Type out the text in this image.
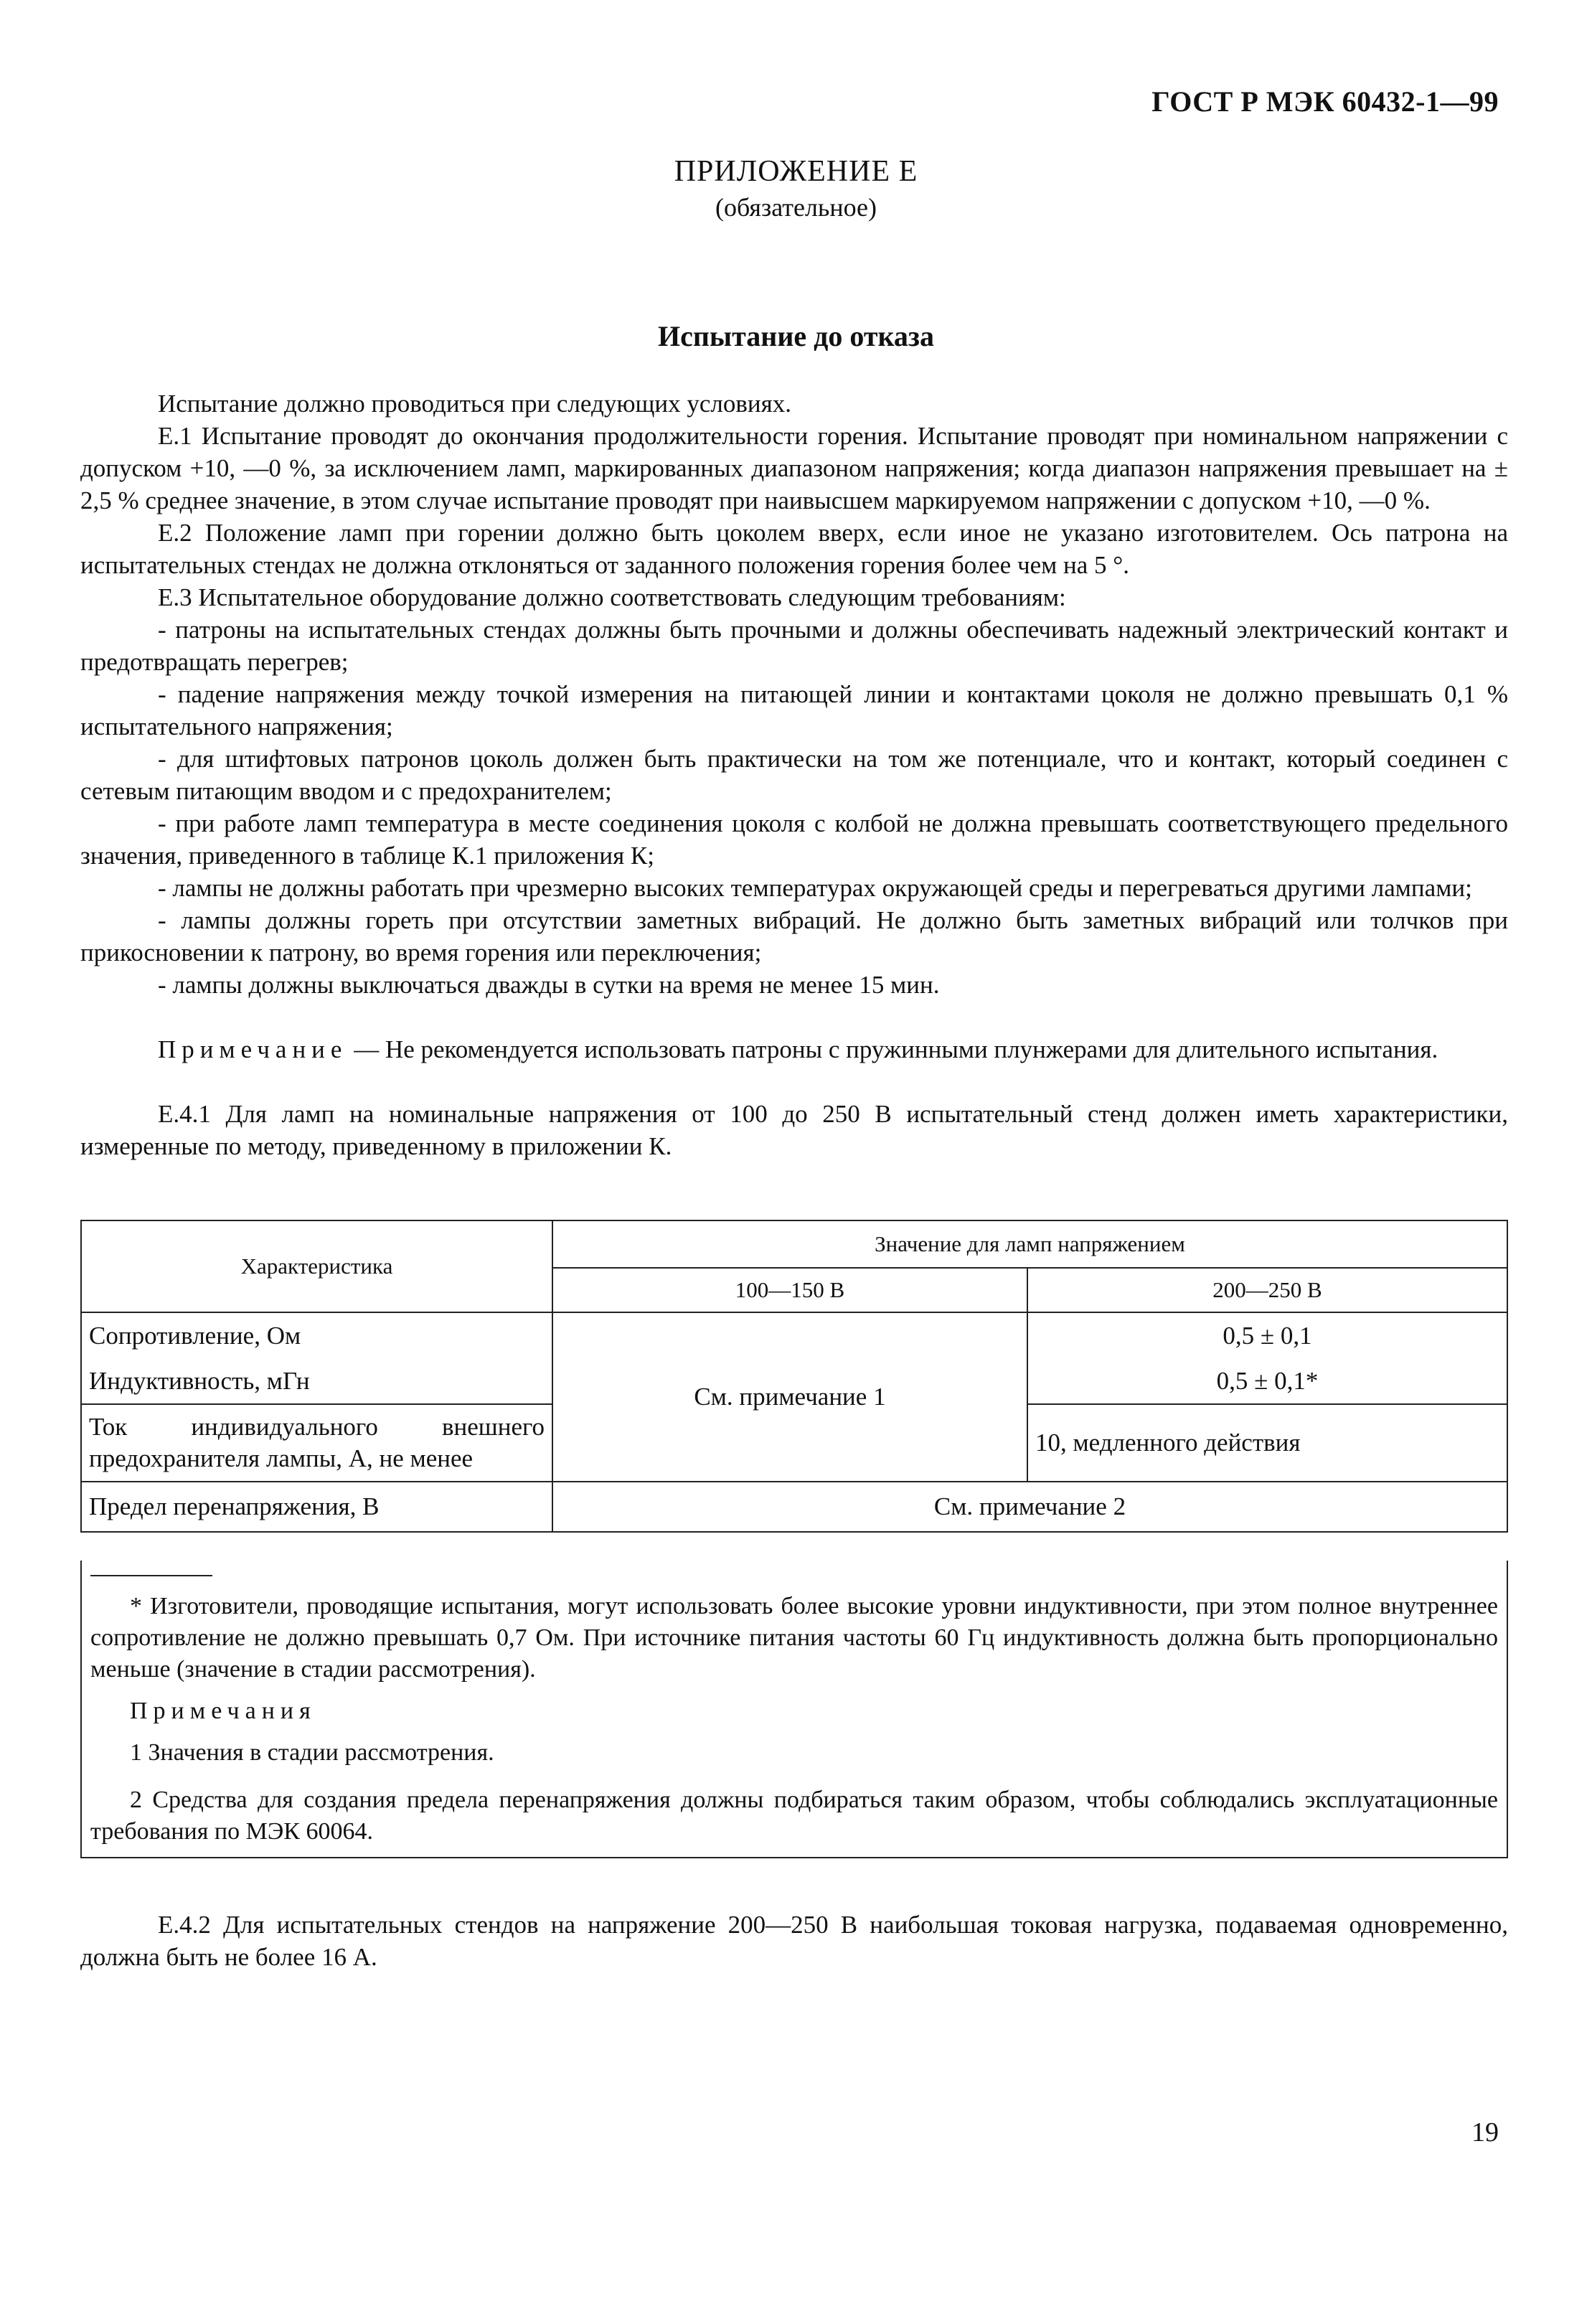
ГОСТ Р МЭК 60432-1—99
ПРИЛОЖЕНИЕ Е
(обязательное)
Испытание до отказа

Испытание должно проводиться при следующих условиях.

Е.1 Испытание проводят до окончания продолжительности горения. Испытание проводят при номинальном напряжении с допуском +10, —0 %, за исключением ламп, маркированных диапазоном напряжения; когда диапазон напряжения превышает на ± 2,5 % среднее значение, в этом случае испытание проводят при наивысшем маркируемом напряжении с допуском +10, —0 %.

Е.2 Положение ламп при горении должно быть цоколем вверх, если иное не указано изготовителем. Ось патрона на испытательных стендах не должна отклоняться от заданного положения горения более чем на 5 °.

Е.3 Испытательное оборудование должно соответствовать следующим требованиям:

- патроны на испытательных стендах должны быть прочными и должны обеспечивать надежный электрический контакт и предотвращать перегрев;

- падение напряжения между точкой измерения на питающей линии и контактами цоколя не должно превышать 0,1 % испытательного напряжения;

- для штифтовых патронов цоколь должен быть практически на том же потенциале, что и контакт, который соединен с сетевым питающим вводом и с предохранителем;

- при работе ламп температура в месте соединения цоколя с колбой не должна превышать соответствующего предельного значения, приведенного в таблице К.1 приложения К;

- лампы не должны работать при чрезмерно высоких температурах окружающей среды и перегреваться другими лампами;

- лампы должны гореть при отсутствии заметных вибраций. Не должно быть заметных вибраций или толчков при прикосновении к патрону, во время горения или переключения;

- лампы должны выключаться дважды в сутки на время не менее 15 мин.

Примечание — Не рекомендуется использовать патроны с пружинными плунжерами для длительного испытания.

Е.4.1 Для ламп на номинальные напряжения от 100 до 250 В испытательный стенд должен иметь характеристики, измеренные по методу, приведенному в приложении К.

Характеристика	Значение для ламп напряжением	
	100—150 В	200—250 В
Сопротивление, Ом	См. примечание 1	0,5 ± 0,1
Индуктивность, мГн		0,5 ± 0,1*
Ток индивидуального внешнего предохранителя лампы, А, не менее		10, медленного действия
Предел перенапряжения, В	См. примечание 2	

* Изготовители, проводящие испытания, могут использовать более высокие уровни индуктивности, при этом полное внутреннее сопротивление не должно превышать 0,7 Ом. При источнике питания частоты 60 Гц индуктивность должна быть пропорционально меньше (значение в стадии рассмотрения).

Примечания

1 Значения в стадии рассмотрения.

2 Средства для создания предела перенапряжения должны подбираться таким образом, чтобы соблюдались эксплуатационные требования по МЭК 60064.

Е.4.2 Для испытательных стендов на напряжение 200—250 В наибольшая токовая нагрузка, подаваемая одновременно, должна быть не более 16 А.

19
